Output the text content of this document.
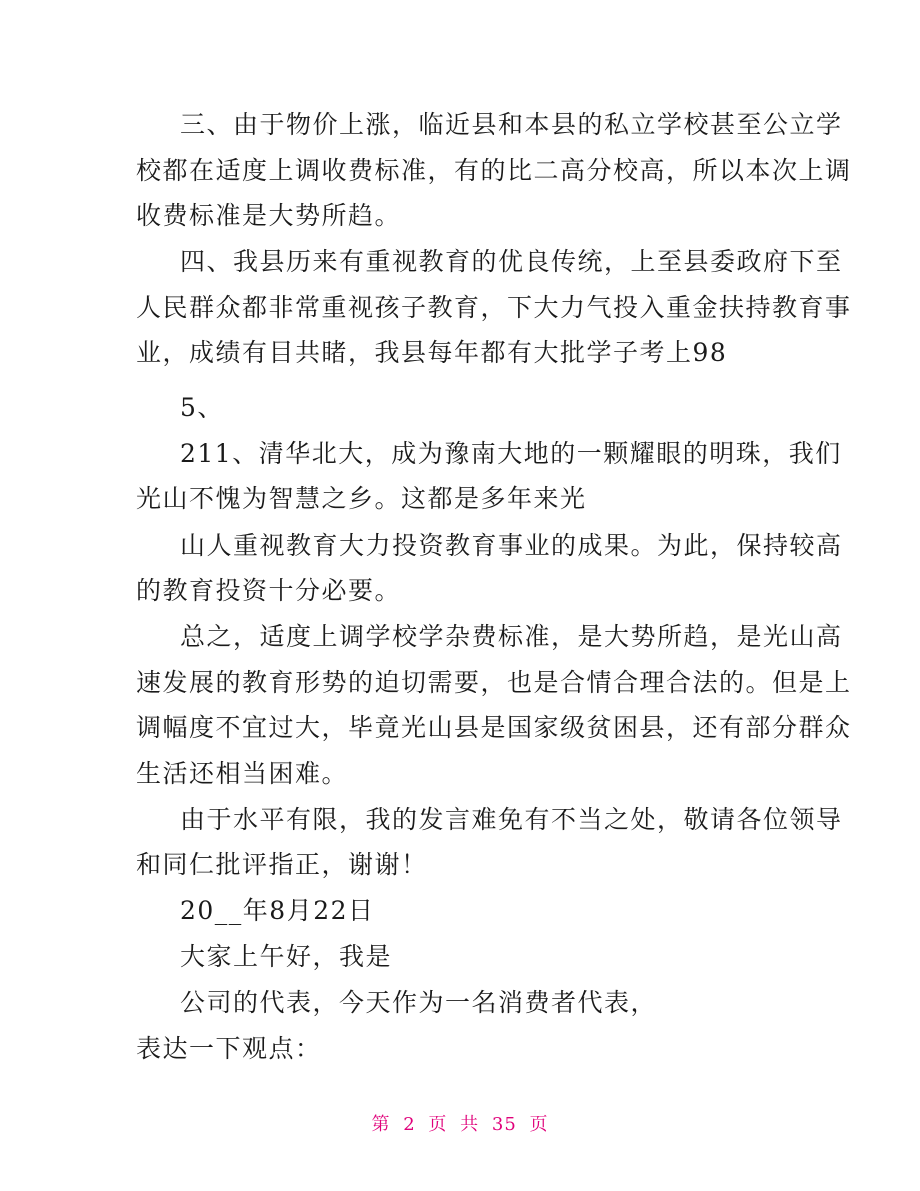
三、由于物价上涨，临近县和本县的私立学校甚至公立学
校都在适度上调收费标准，有的比二高分校高，所以本次上调
收费标准是大势所趋。
四、我县历来有重视教育的优良传统，上至县委政府下至
人民群众都非常重视孩子教育，下大力气投入重金扶持教育事
业，成绩有目共睹，我县每年都有大批学子考上98
5、
211、清华北大，成为豫南大地的一颗耀眼的明珠，我们
光山不愧为智慧之乡。这都是多年来光
山人重视教育大力投资教育事业的成果。为此，保持较高
的教育投资十分必要。
总之，适度上调学校学杂费标准，是大势所趋，是光山高
速发展的教育形势的迫切需要，也是合情合理合法的。但是上
调幅度不宜过大，毕竟光山县是国家级贫困县，还有部分群众
生活还相当困难。
由于水平有限，我的发言难免有不当之处，敬请各位领导
和同仁批评指正，谢谢！
20__年8月22日
大家上午好，我是
公司的代表，今天作为一名消费者代表，
表达一下观点：
第 2 页 共 35 页
